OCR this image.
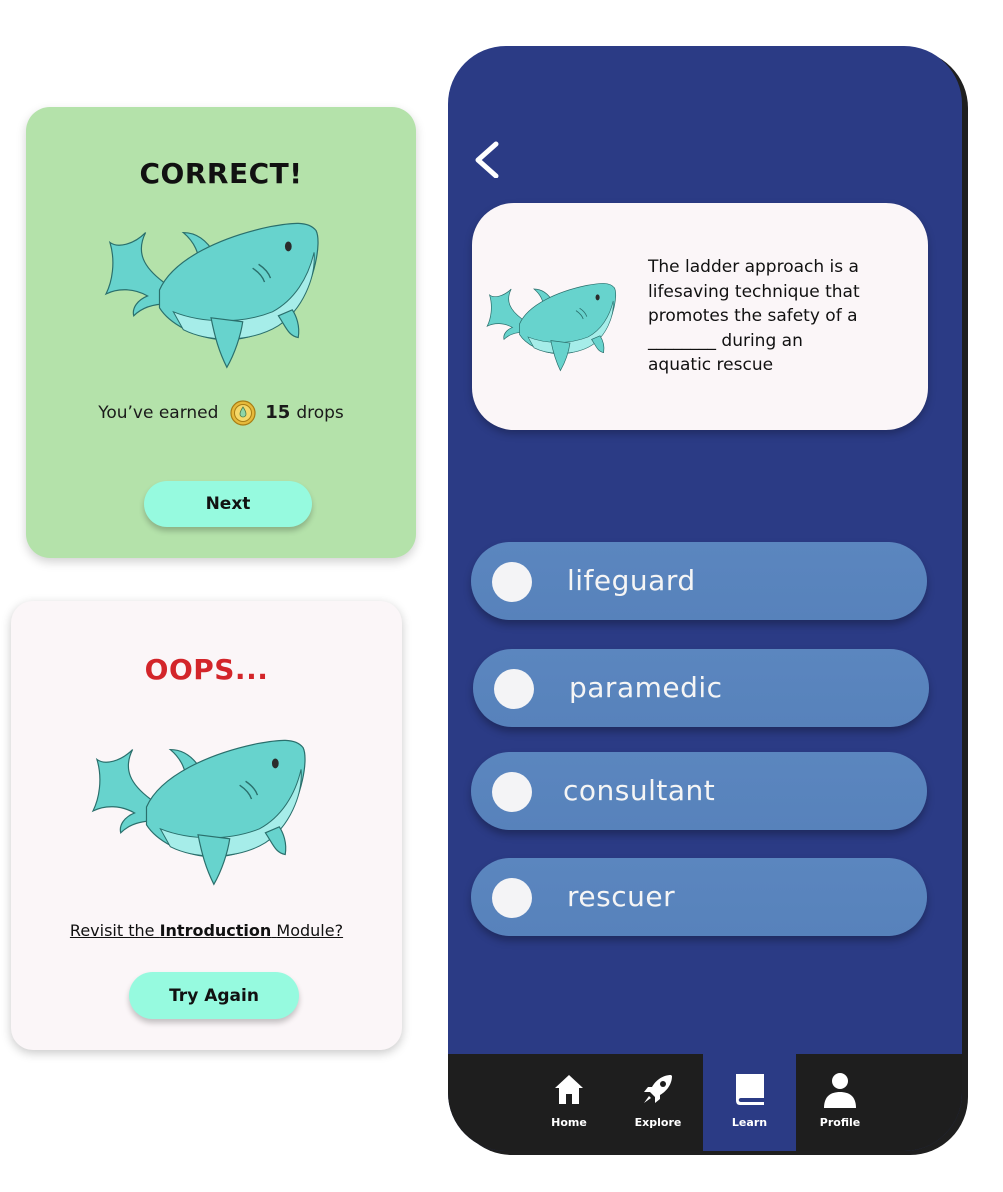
CORRECT!
You’ve earned	15 drops
Next
OOPS...
Revisit the Introduction Module?
Try Again
The ladder approach is a
lifesaving technique that
promotes the safety of a
________ during an
aquatic rescue
lifeguard
paramedic
consultant
rescuer
Home	Explore	Learn	Profile
